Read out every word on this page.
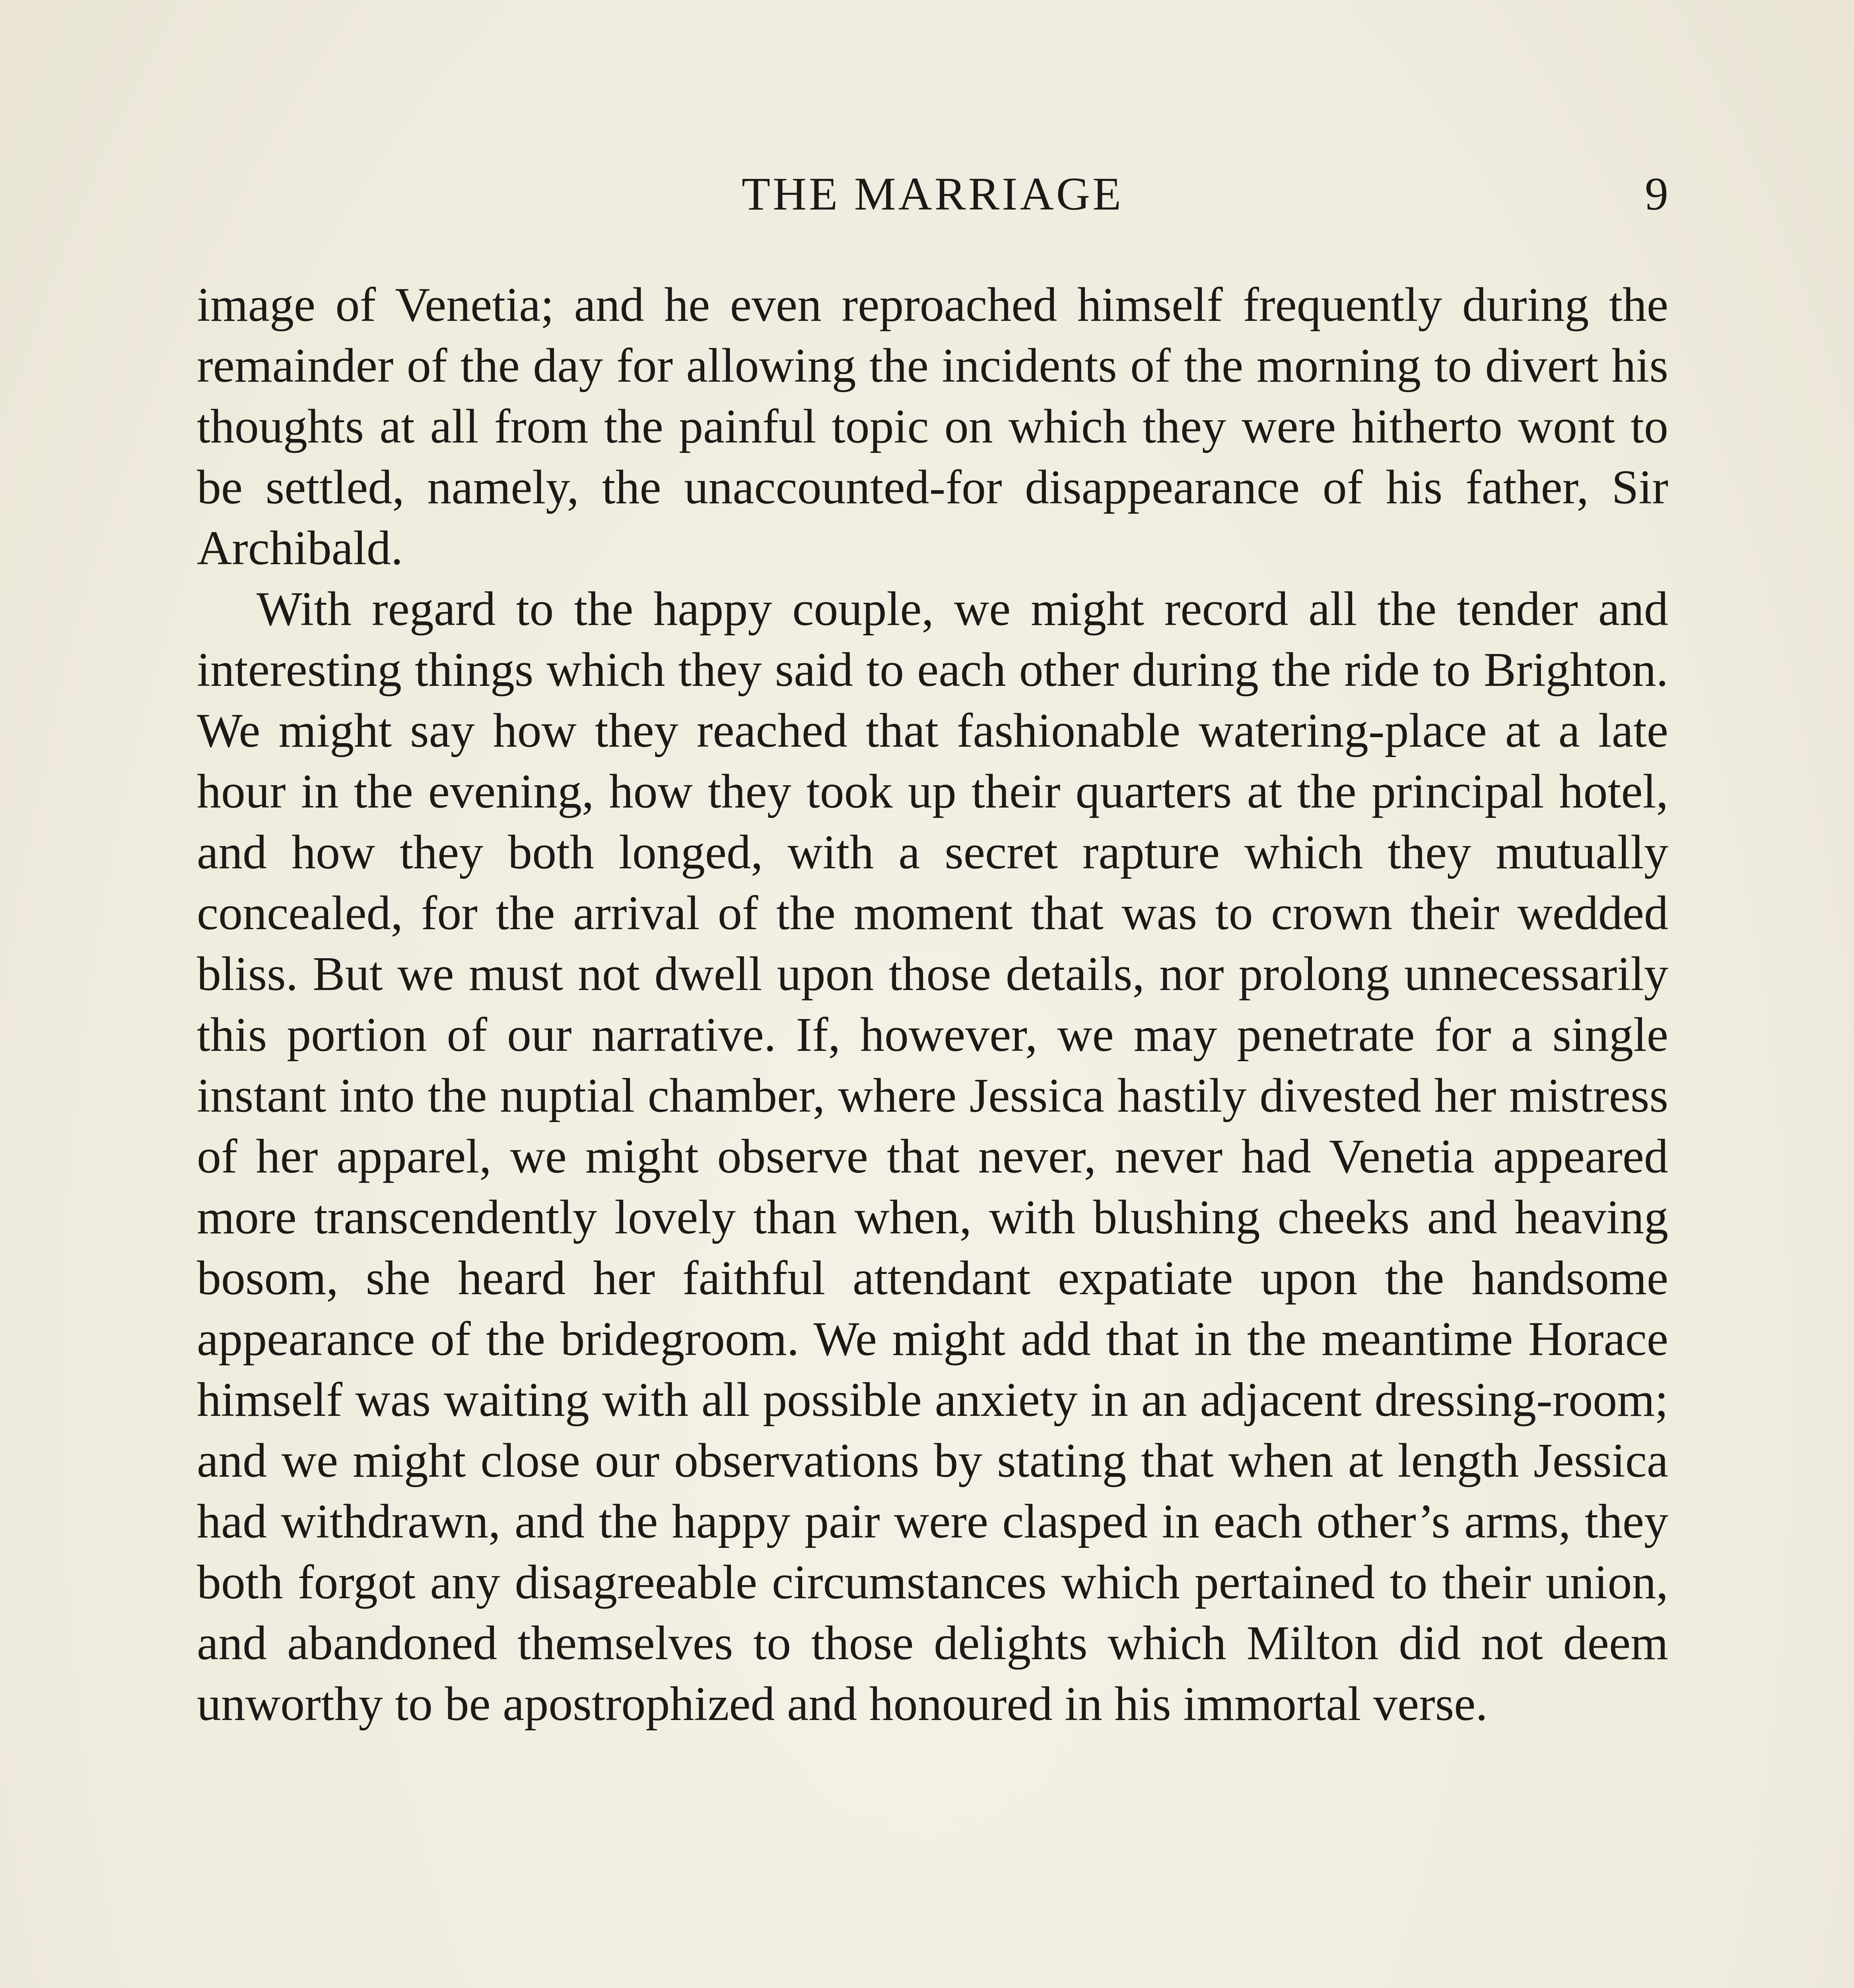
THE MARRIAGE	9

image of Venetia; and he even reproached himself frequently during the remainder of the day for allowing the incidents of the morning to divert his thoughts at all from the painful topic on which they were hitherto wont to be settled, namely, the unaccounted-for disappearance of his father, Sir Archibald.

With regard to the happy couple, we might record all the tender and interesting things which they said to each other during the ride to Brighton. We might say how they reached that fashionable watering-place at a late hour in the evening, how they took up their quarters at the principal hotel, and how they both longed, with a secret rapture which they mutually concealed, for the arrival of the moment that was to crown their wedded bliss. But we must not dwell upon those details, nor prolong unnecessarily this portion of our narrative. If, however, we may penetrate for a single instant into the nuptial chamber, where Jessica hastily divested her mistress of her apparel, we might observe that never, never had Venetia appeared more transcendently lovely than when, with blushing cheeks and heaving bosom, she heard her faithful attendant expatiate upon the handsome appearance of the bridegroom. We might add that in the meantime Horace himself was waiting with all possible anxiety in an adjacent dressing-room; and we might close our observations by stating that when at length Jessica had withdrawn, and the happy pair were clasped in each other’s arms, they both forgot any disagreeable circumstances which pertained to their union, and abandoned themselves to those delights which Milton did not deem unworthy to be apostrophized and honoured in his immortal verse.
